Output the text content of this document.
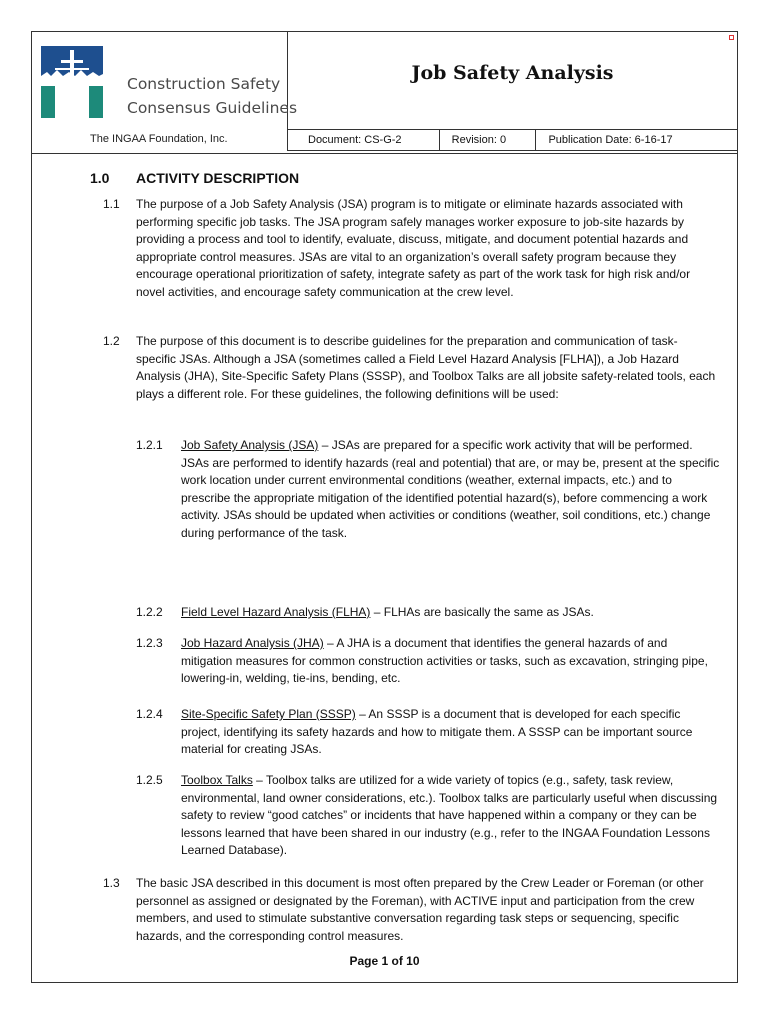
Construction Safety
Consensus Guidelines
Job Safety Analysis
The INGAA Foundation, Inc.	Document: CS-G-2	Revision: 0	Publication Date: 6-16-17
1.0 ACTIVITY DESCRIPTION
1.1 The purpose of a Job Safety Analysis (JSA) program is to mitigate or eliminate hazards associated with performing specific job tasks. The JSA program safely manages worker exposure to job-site hazards by providing a process and tool to identify, evaluate, discuss, mitigate, and document potential hazards and appropriate control measures. JSAs are vital to an organization’s overall safety program because they encourage operational prioritization of safety, integrate safety as part of the work task for high risk and/or novel activities, and encourage safety communication at the crew level.
1.2 The purpose of this document is to describe guidelines for the preparation and communication of task-specific JSAs. Although a JSA (sometimes called a Field Level Hazard Analysis [FLHA]), a Job Hazard Analysis (JHA), Site-Specific Safety Plans (SSSP), and Toolbox Talks are all jobsite safety-related tools, each plays a different role. For these guidelines, the following definitions will be used:
1.2.1 Job Safety Analysis (JSA) – JSAs are prepared for a specific work activity that will be performed. JSAs are performed to identify hazards (real and potential) that are, or may be, present at the specific work location under current environmental conditions (weather, external impacts, etc.) and to prescribe the appropriate mitigation of the identified potential hazard(s), before commencing a work activity. JSAs should be updated when activities or conditions (weather, soil conditions, etc.) change during performance of the task.
1.2.2 Field Level Hazard Analysis (FLHA) – FLHAs are basically the same as JSAs.
1.2.3 Job Hazard Analysis (JHA) – A JHA is a document that identifies the general hazards of and mitigation measures for common construction activities or tasks, such as excavation, stringing pipe, lowering-in, welding, tie-ins, bending, etc.
1.2.4 Site-Specific Safety Plan (SSSP) – An SSSP is a document that is developed for each specific project, identifying its safety hazards and how to mitigate them. A SSSP can be important source material for creating JSAs.
1.2.5 Toolbox Talks – Toolbox talks are utilized for a wide variety of topics (e.g., safety, task review, environmental, land owner considerations, etc.). Toolbox talks are particularly useful when discussing safety to review “good catches” or incidents that have happened within a company or they can be lessons learned that have been shared in our industry (e.g., refer to the INGAA Foundation Lessons Learned Database).
1.3 The basic JSA described in this document is most often prepared by the Crew Leader or Foreman (or other personnel as assigned or designated by the Foreman), with ACTIVE input and participation from the crew members, and used to stimulate substantive conversation regarding task steps or sequencing, specific hazards, and the corresponding control measures.
Page 1 of 10
